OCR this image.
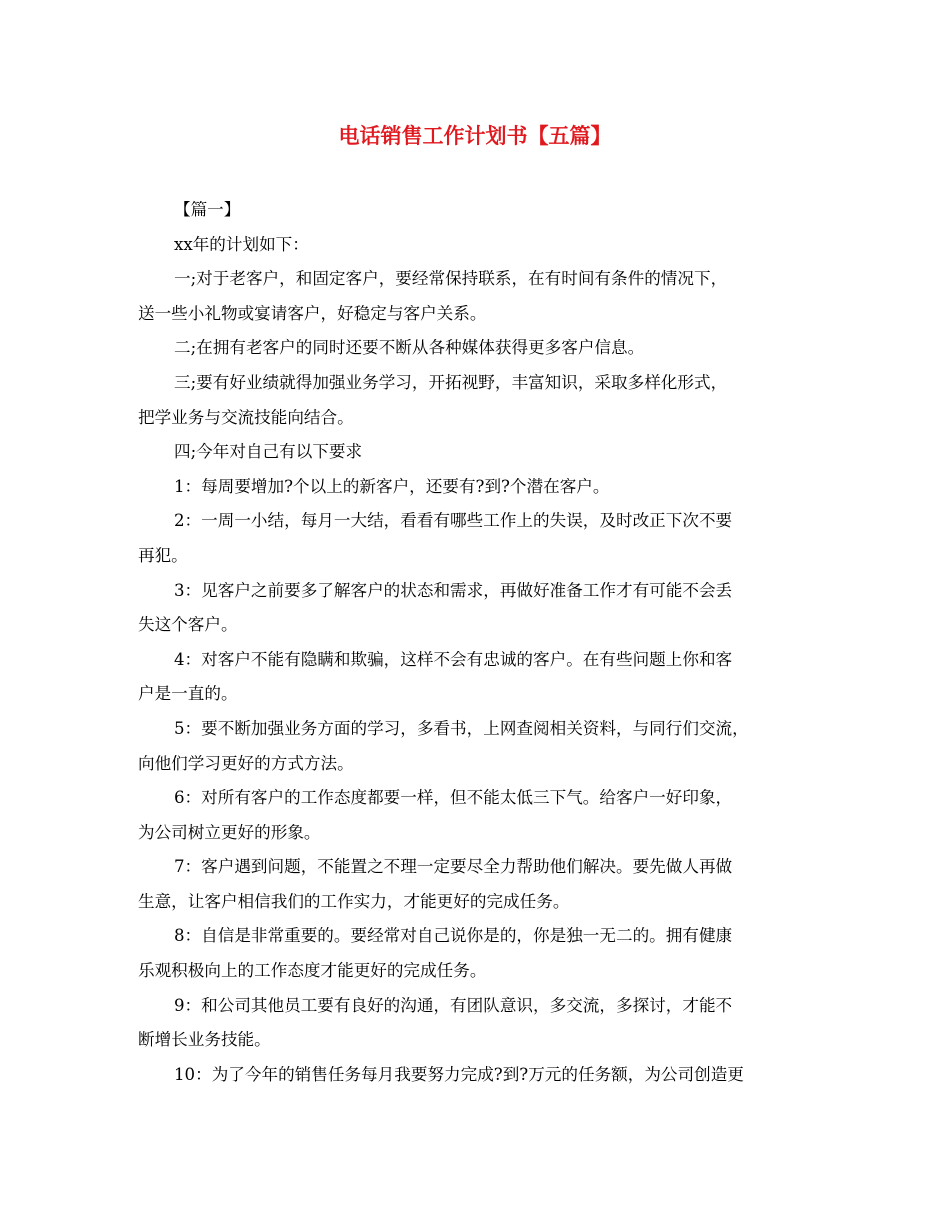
电话销售工作计划书【五篇】
【篇一】
xx年的计划如下：
一;对于老客户，和固定客户，要经常保持联系，在有时间有条件的情况下，
送一些小礼物或宴请客户，好稳定与客户关系。
二;在拥有老客户的同时还要不断从各种媒体获得更多客户信息。
三;要有好业绩就得加强业务学习，开拓视野，丰富知识，采取多样化形式，
把学业务与交流技能向结合。
四;今年对自己有以下要求
1：每周要增加?个以上的新客户，还要有?到?个潜在客户。
2：一周一小结，每月一大结，看看有哪些工作上的失误，及时改正下次不要
再犯。
3：见客户之前要多了解客户的状态和需求，再做好准备工作才有可能不会丢
失这个客户。
4：对客户不能有隐瞒和欺骗，这样不会有忠诚的客户。在有些问题上你和客
户是一直的。
5：要不断加强业务方面的学习，多看书，上网查阅相关资料，与同行们交流，
向他们学习更好的方式方法。
6：对所有客户的工作态度都要一样，但不能太低三下气。给客户一好印象，
为公司树立更好的形象。
7：客户遇到问题，不能置之不理一定要尽全力帮助他们解决。要先做人再做
生意，让客户相信我们的工作实力，才能更好的完成任务。
8：自信是非常重要的。要经常对自己说你是的，你是独一无二的。拥有健康
乐观积极向上的工作态度才能更好的完成任务。
9：和公司其他员工要有良好的沟通，有团队意识，多交流，多探讨，才能不
断增长业务技能。
10：为了今年的销售任务每月我要努力完成?到?万元的任务额，为公司创造更
